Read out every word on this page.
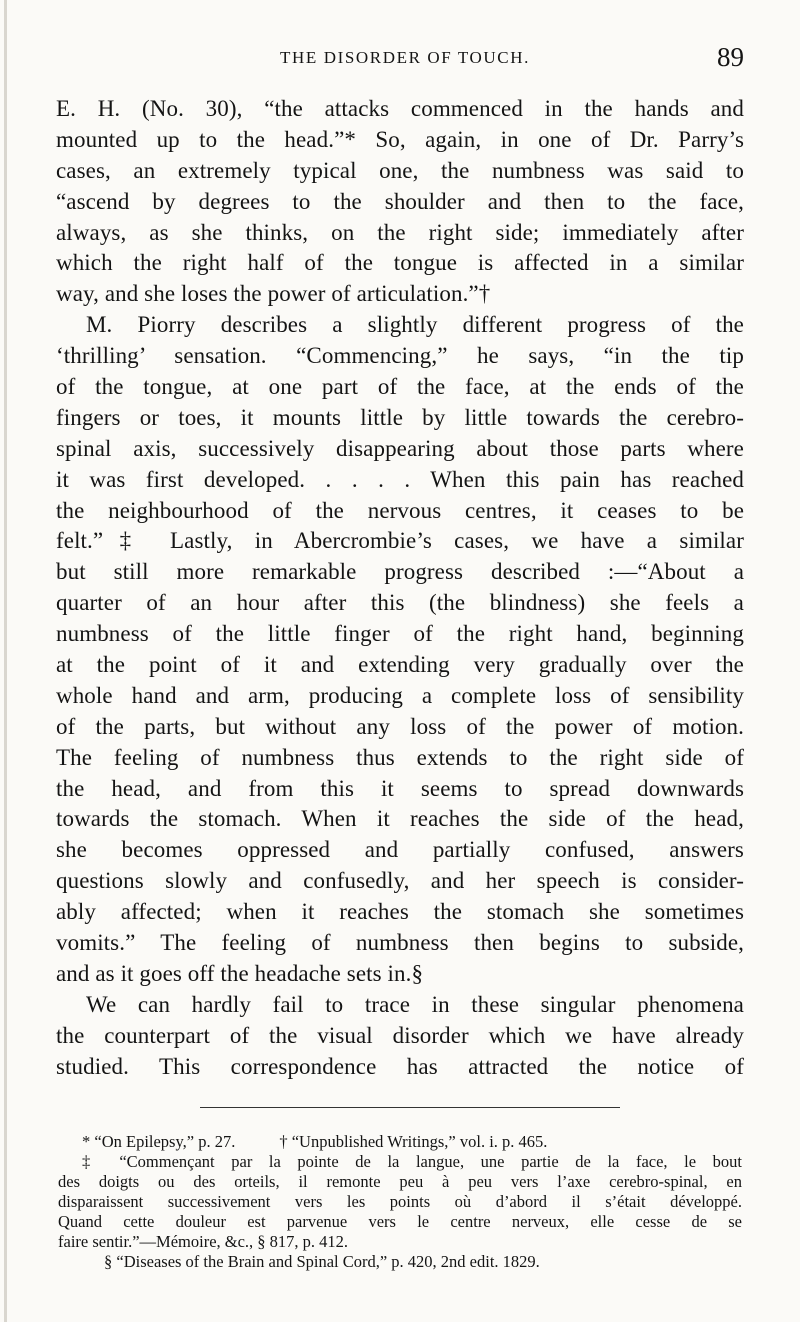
THE DISORDER OF TOUCH.	89
E. H. (No. 30), “the attacks commenced in the hands and
mounted up to the head.”* So, again, in one of Dr. Parry’s
cases, an extremely typical one, the numbness was said to
“ascend by degrees to the shoulder and then to the face,
always, as she thinks, on the right side; immediately after
which the right half of the tongue is affected in a similar
way, and she loses the power of articulation.”†
M. Piorry describes a slightly different progress of the
‘thrilling’ sensation. “Commencing,” he says, “in the tip
of the tongue, at one part of the face, at the ends of the
fingers or toes, it mounts little by little towards the cerebro-
spinal axis, successively disappearing about those parts where
it was first developed. . . . . When this pain has reached
the neighbourhood of the nervous centres, it ceases to be
felt.”‡ Lastly, in Abercrombie’s cases, we have a similar
but still more remarkable progress described :—“About a
quarter of an hour after this (the blindness) she feels a
numbness of the little finger of the right hand, beginning
at the point of it and extending very gradually over the
whole hand and arm, producing a complete loss of sensibility
of the parts, but without any loss of the power of motion.
The feeling of numbness thus extends to the right side of
the head, and from this it seems to spread downwards
towards the stomach. When it reaches the side of the head,
she becomes oppressed and partially confused, answers
questions slowly and confusedly, and her speech is consider-
ably affected; when it reaches the stomach she sometimes
vomits.” The feeling of numbness then begins to subside,
and as it goes off the headache sets in.§
We can hardly fail to trace in these singular phenomena
the counterpart of the visual disorder which we have already
studied. This correspondence has attracted the notice of
* “On Epilepsy,” p. 27.	† “Unpublished Writings,” vol. i. p. 465.
‡ “Commençant par la pointe de la langue, une partie de la face, le bout
des doigts ou des orteils, il remonte peu à peu vers l’axe cerebro-spinal, en
disparaissent successivement vers les points où d’abord il s’était développé.
Quand cette douleur est parvenue vers le centre nerveux, elle cesse de se
faire sentir.”—Mémoire, &c., § 817, p. 412.
§ “Diseases of the Brain and Spinal Cord,” p. 420, 2nd edit. 1829.
